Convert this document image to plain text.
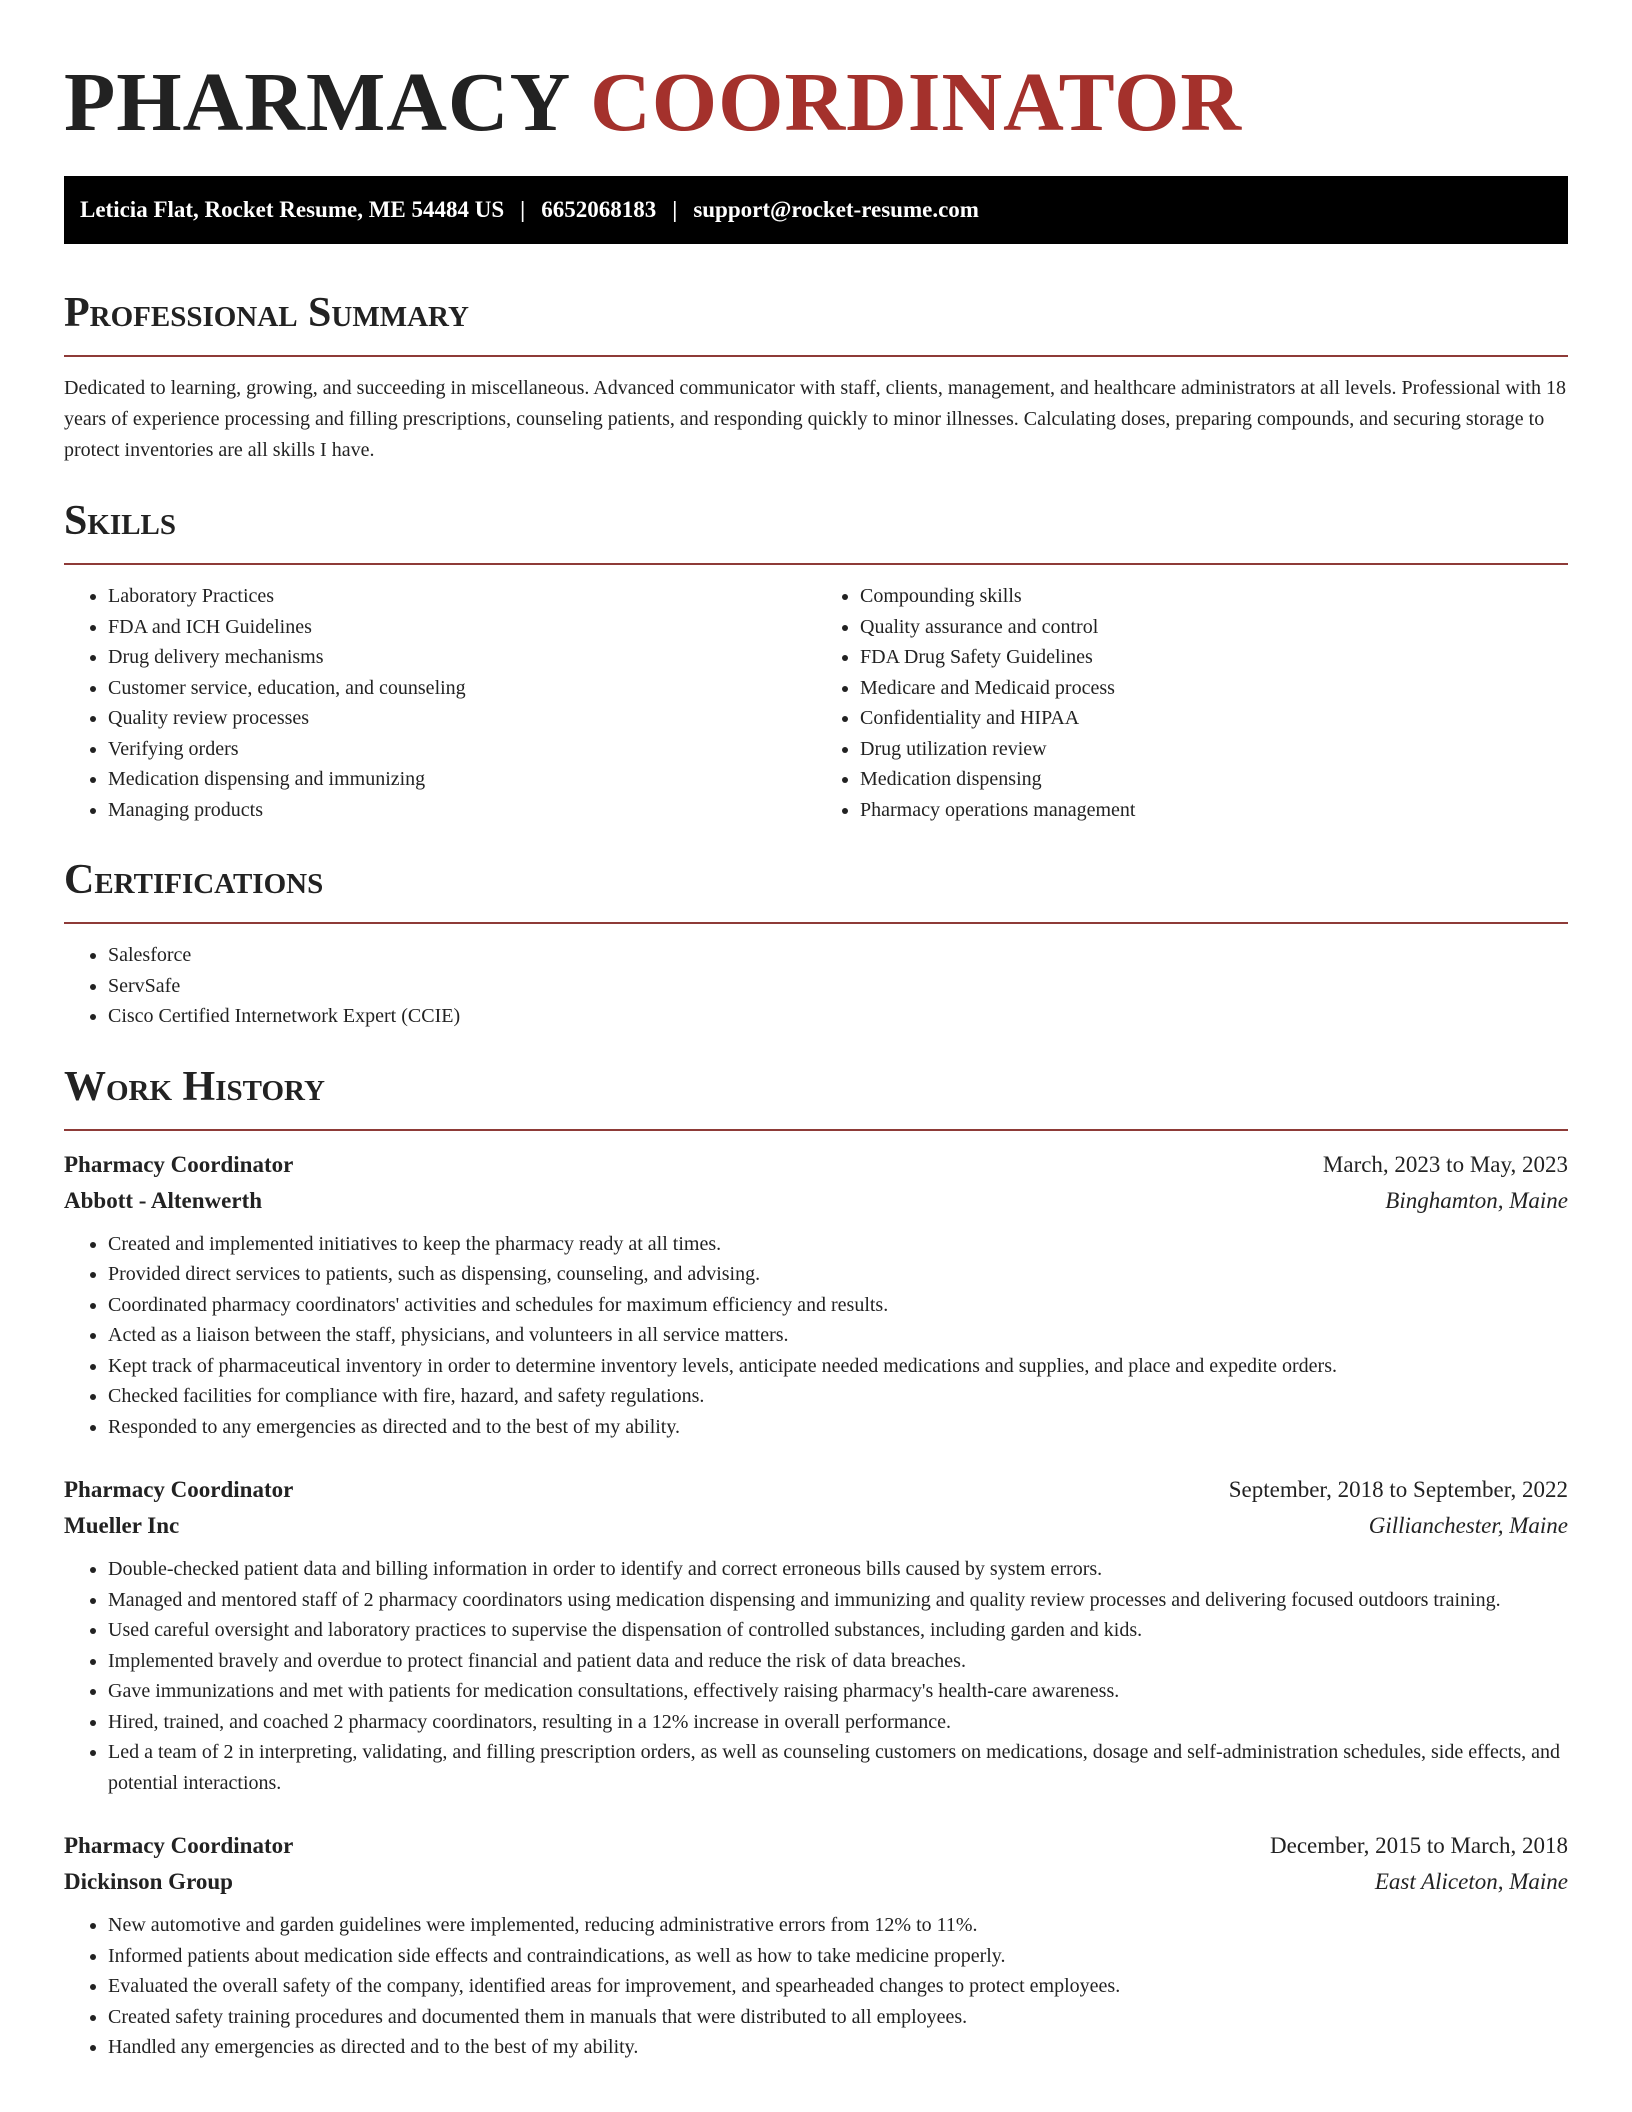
PHARMACY COORDINATOR
Leticia Flat, Rocket Resume, ME 54484 US | 6652068183 | support@rocket-resume.com
Professional Summary

Dedicated to learning, growing, and succeeding in miscellaneous. Advanced communicator with staff, clients, management, and healthcare administrators at all levels. Professional with 18 years of experience processing and filling prescriptions, counseling patients, and responding quickly to minor illnesses. Calculating doses, preparing compounds, and securing storage to protect inventories are all skills I have.

Skills
• Laboratory Practices
• FDA and ICH Guidelines
• Drug delivery mechanisms
• Customer service, education, and counseling
• Quality review processes
• Verifying orders
• Medication dispensing and immunizing
• Managing products
• Compounding skills
• Quality assurance and control
• FDA Drug Safety Guidelines
• Medicare and Medicaid process
• Confidentiality and HIPAA
• Drug utilization review
• Medication dispensing
• Pharmacy operations management
Certifications
• Salesforce
• ServSafe
• Cisco Certified Internetwork Expert (CCIE)
Work History
Pharmacy Coordinator	March, 2023 to May, 2023
Abbott - Altenwerth	Binghamton, Maine
• Created and implemented initiatives to keep the pharmacy ready at all times.
• Provided direct services to patients, such as dispensing, counseling, and advising.
• Coordinated pharmacy coordinators' activities and schedules for maximum efficiency and results.
• Acted as a liaison between the staff, physicians, and volunteers in all service matters.
• Kept track of pharmaceutical inventory in order to determine inventory levels, anticipate needed medications and supplies, and place and expedite orders.
• Checked facilities for compliance with fire, hazard, and safety regulations.
• Responded to any emergencies as directed and to the best of my ability.
Pharmacy Coordinator	September, 2018 to September, 2022
Mueller Inc	Gillianchester, Maine
• Double-checked patient data and billing information in order to identify and correct erroneous bills caused by system errors.
• Managed and mentored staff of 2 pharmacy coordinators using medication dispensing and immunizing and quality review processes and delivering focused outdoors training.
• Used careful oversight and laboratory practices to supervise the dispensation of controlled substances, including garden and kids.
• Implemented bravely and overdue to protect financial and patient data and reduce the risk of data breaches.
• Gave immunizations and met with patients for medication consultations, effectively raising pharmacy's health-care awareness.
• Hired, trained, and coached 2 pharmacy coordinators, resulting in a 12% increase in overall performance.
• Led a team of 2 in interpreting, validating, and filling prescription orders, as well as counseling customers on medications, dosage and self-administration schedules, side effects, and potential interactions.
Pharmacy Coordinator	December, 2015 to March, 2018
Dickinson Group	East Aliceton, Maine
• New automotive and garden guidelines were implemented, reducing administrative errors from 12% to 11%.
• Informed patients about medication side effects and contraindications, as well as how to take medicine properly.
• Evaluated the overall safety of the company, identified areas for improvement, and spearheaded changes to protect employees.
• Created safety training procedures and documented them in manuals that were distributed to all employees.
• Handled any emergencies as directed and to the best of my ability.
